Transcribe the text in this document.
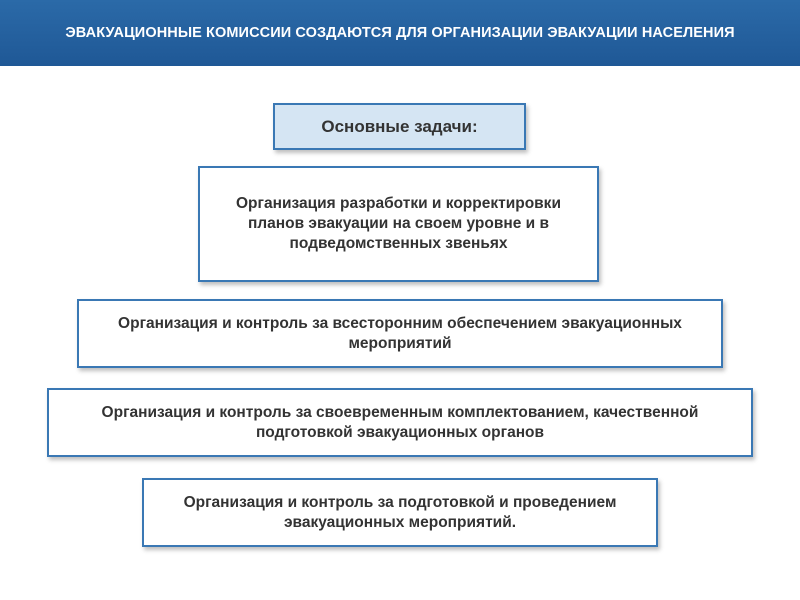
ЭВАКУАЦИОННЫЕ КОМИССИИ СОЗДАЮТСЯ ДЛЯ ОРГАНИЗАЦИИ ЭВАКУАЦИИ НАСЕЛЕНИЯ
Основные задачи:
Организация разработки и корректировки планов эвакуации на своем уровне и в подведомственных звеньях
Организация и контроль за всесторонним обеспечением эвакуационных мероприятий
Организация и контроль за своевременным комплектованием, качественной подготовкой эвакуационных органов
Организация и контроль за подготовкой и проведением эвакуационных мероприятий.
